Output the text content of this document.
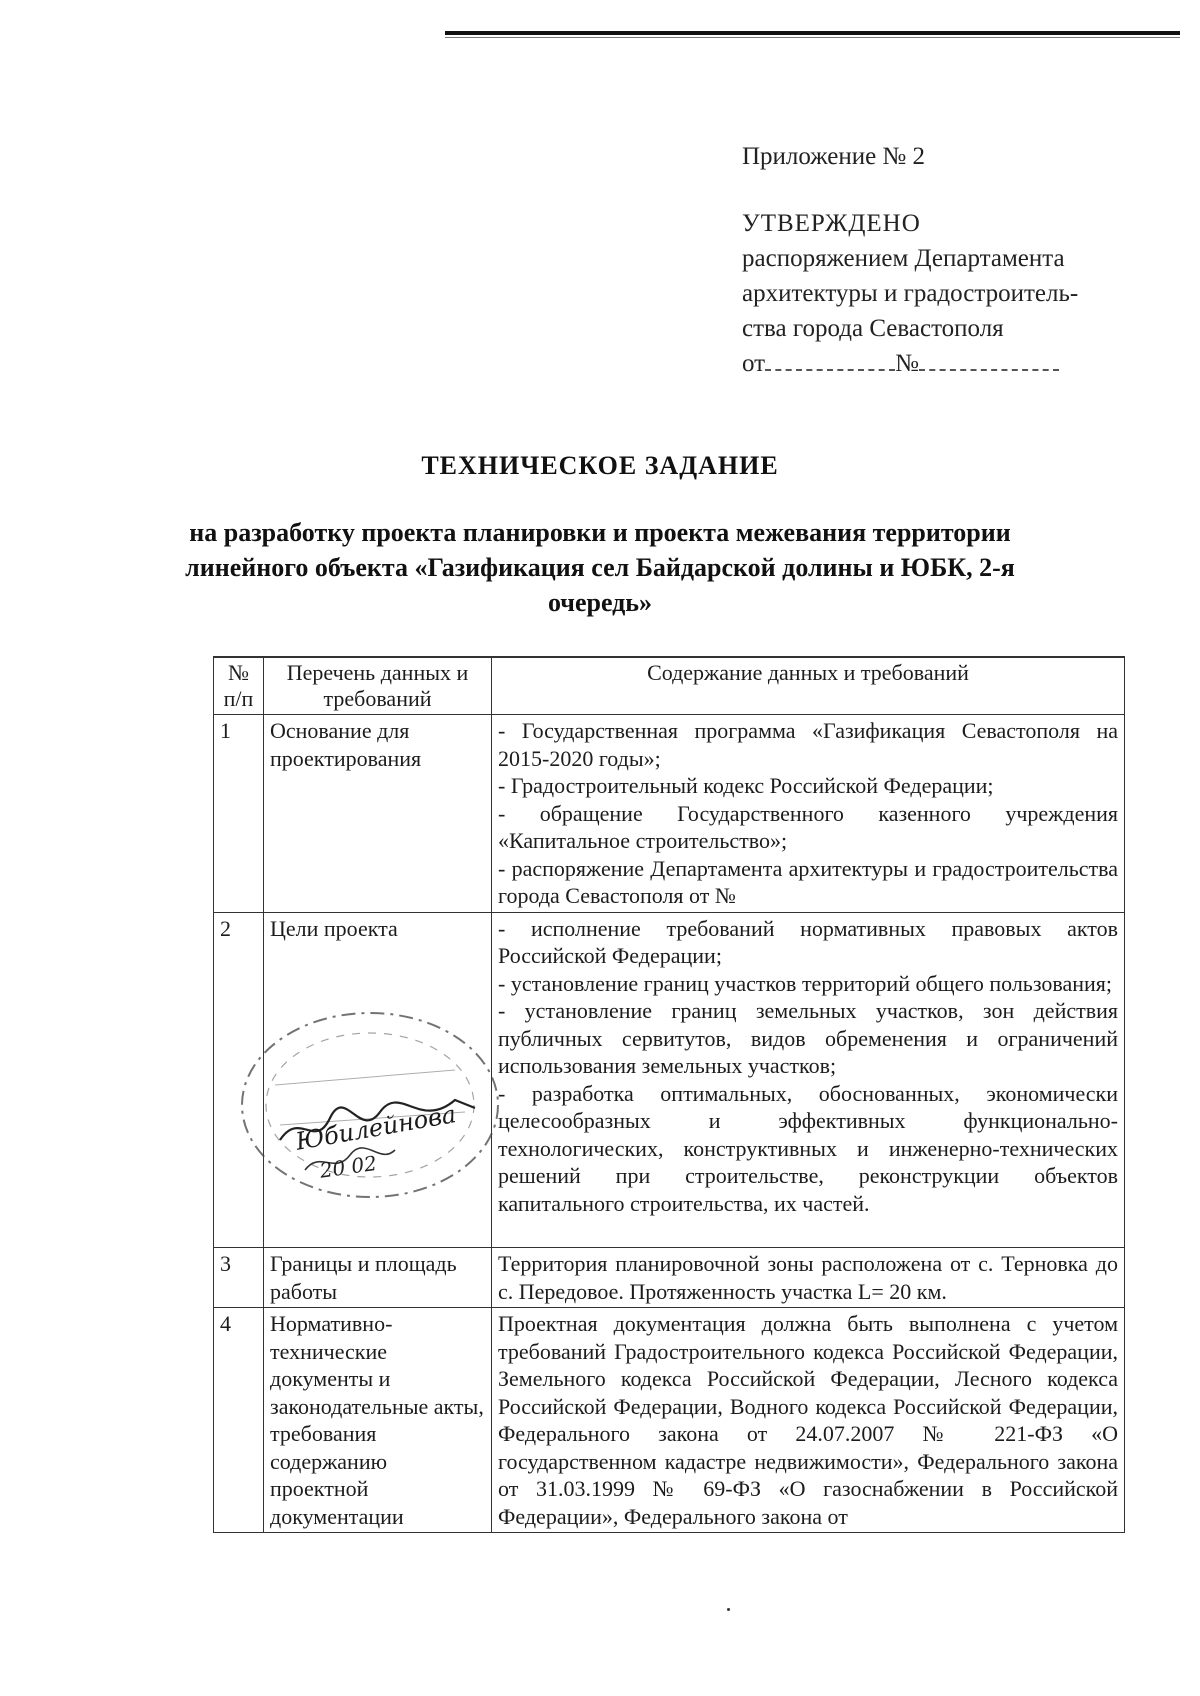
Приложение № 2
УТВЕРЖДЕНО
распоряжением Департамента
архитектуры и градостроитель-
ства города Севастополя
от	№
ТЕХНИЧЕСКОЕ ЗАДАНИЕ
на разработку проекта планировки и проекта межевания территории линейного объекта «Газификация сел Байдарской долины и ЮБК, 2-я очередь»
№ п/п	Перечень данных и требований	Содержание данных и требований
1	Основание для проектирования	- Государственная программа «Газификация Севастополя на 2015-2020 годы»;
- Градостроительный кодекс Российской Федерации;
- обращение Государственного казенного учреждения «Капитальное строительство»;
- распоряжение Департамента архитектуры и градостроительства города Севастополя от №

2	Цели проекта	- исполнение требований нормативных правовых актов Российской Федерации;
- установление границ участков территорий общего пользования;
- установление границ земельных участков, зон действия публичных сервитутов, видов обременения и ограничений использования земельных участков;
- разработка оптимальных, обоснованных, экономически целесообразных и эффективных функционально-технологических, конструктивных и инженерно-технических решений при строительстве, реконструкции объектов капитального строительства, их частей.

3	Границы и площадь работы	Территория планировочной зоны расположена от с. Терновка до с. Передовое. Протяженность участка L= 20 км.

4	Нормативно-технические документы и законодательные акты, требования содержанию проектной документации	Проектная документация должна быть выполнена с учетом требований Градостроительного кодекса Российской Федерации, Земельного кодекса Российской Федерации, Лесного кодекса Российской Федерации, Водного кодекса Российской Федерации, Федерального закона от 24.07.2007 № 221-ФЗ «О государственном кадастре недвижимости», Федерального закона от 31.03.1999 № 69-ФЗ «О газоснабжении в Российской Федерации», Федерального закона от
Юбилейнова
20 02
